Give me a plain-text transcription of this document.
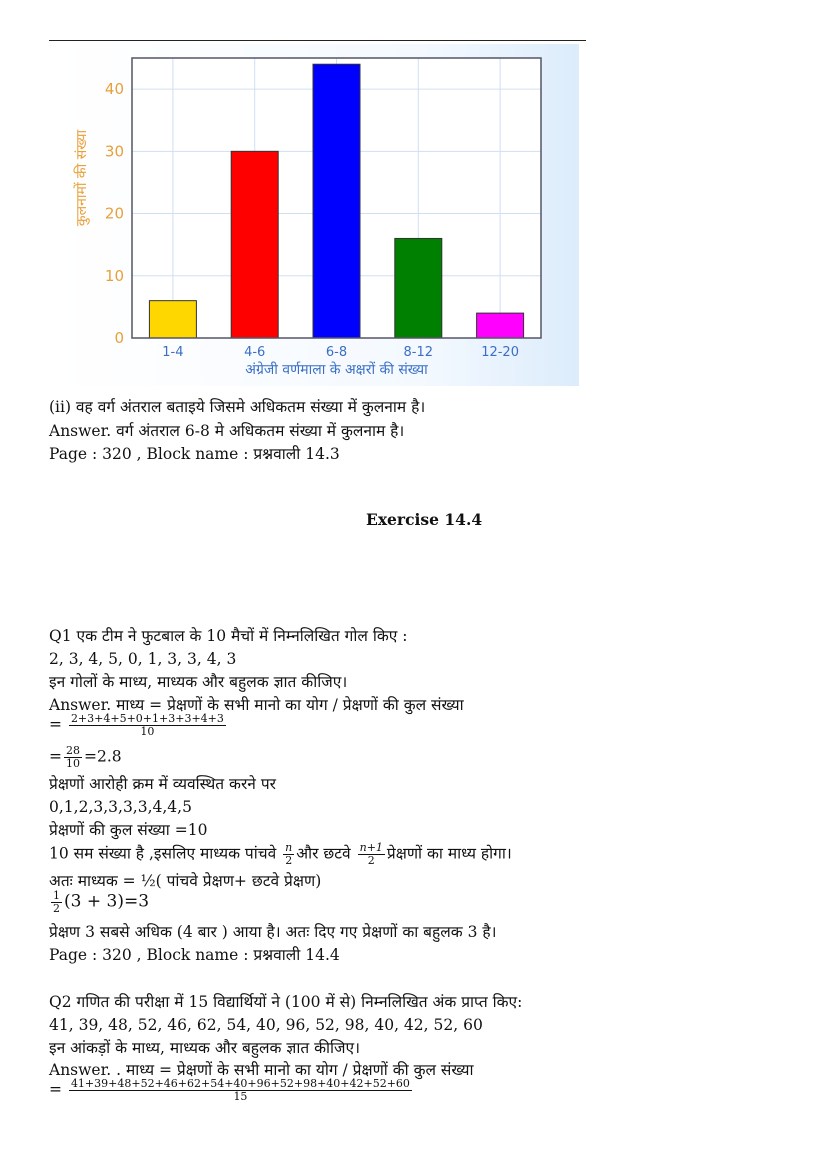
0
10
20
30
40
1-4	4-6	6-8	8-12	12-20
अंग्रेजी वर्णमाला के अक्षरों की संख्या
कुलनामों की संख्या
(ii) वह वर्ग अंतराल बताइये जिसमे अधिकतम संख्या में कुलनाम है।
Answer. वर्ग अंतराल 6-8 मे अधिकतम संख्या में कुलनाम है।
Page : 320 , Block name : प्रश्नवाली 14.3
Exercise 14.4
Q1 एक टीम ने फुटबाल के 10 मैचों में निम्नलिखित गोल किए :
2, 3, 4, 5, 0, 1, 3, 3, 4, 3
इन गोलों के माध्य, माध्यक और बहुलक ज्ञात कीजिए।
Answer. माध्य = प्रेक्षणों के सभी मानो का योग / प्रेक्षणों की कुल संख्या
= $\frac{2+3+4+5+0+1+3+3+4+3}{10}$
= $\frac{28}{10} =2.8$
प्रेक्षणों आरोही क्रम में व्यवस्थित करने पर
0,1,2,3,3,3,3,4,4,5
प्रेक्षणों की कुल संख्या =10
10 सम संख्या है ,इसलिए माध्यक पांचवे $\frac{n}{2}$ और छटवे $\frac{n+1}{2}$ प्रेक्षणों का माध्य होगा।
अतः माध्यक = ½( पांचवे प्रेक्षण+ छटवे प्रेक्षण)
$\frac{1}{2} (3 + 3)=3$
प्रेक्षण 3 सबसे अधिक (4 बार ) आया है। अतः दिए गए प्रेक्षणों का बहुलक 3 है।
Page : 320 , Block name : प्रश्नवाली 14.4
Q2 गणित की परीक्षा में 15 विद्यार्थियों ने (100 में से) निम्नलिखित अंक प्राप्त किए:
41, 39, 48, 52, 46, 62, 54, 40, 96, 52, 98, 40, 42, 52, 60
इन आंकड़ों के माध्य, माध्यक और बहुलक ज्ञात कीजिए।
Answer. . माध्य = प्रेक्षणों के सभी मानो का योग / प्रेक्षणों की कुल संख्या
= $\frac{41+39+48+52+46+62+54+40+96+52+98+40+42+52+60}{15}$
